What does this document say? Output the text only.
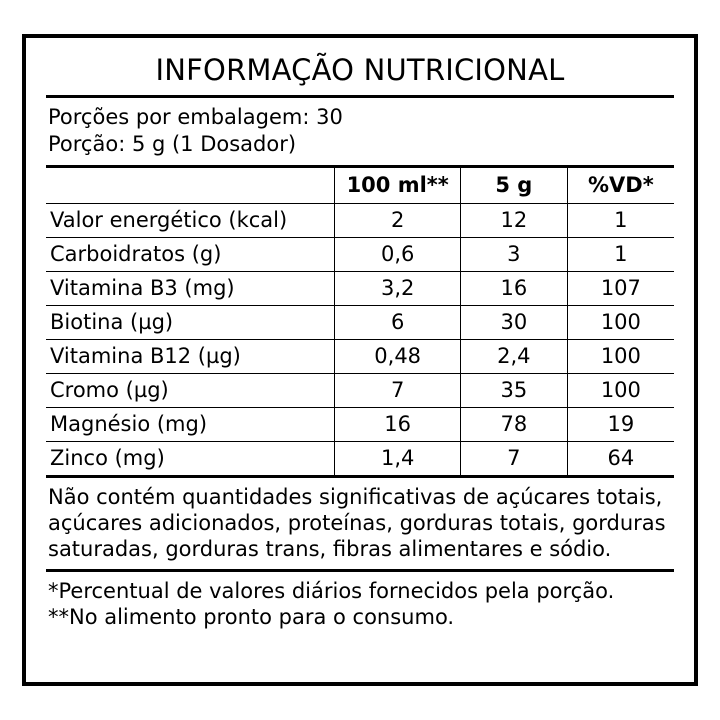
INFORMAÇÃO NUTRICIONAL
Porções por embalagem: 30
Porção: 5 g (1 Dosador)
	100 ml**	5 g	%VD*
Valor energético (kcal)	2	12	1
Carboidratos (g)	0,6	3	1
Vitamina B3 (mg)	3,2	16	107
Biotina (µg)	6	30	100
Vitamina B12 (µg)	0,48	2,4	100
Cromo (µg)	7	35	100
Magnésio (mg)	16	78	19
Zinco (mg)	1,4	7	64
Não contém quantidades significativas de açúcares totais, açúcares adicionados, proteínas, gorduras totais, gorduras saturadas, gorduras trans, fibras alimentares e sódio.
*Percentual de valores diários fornecidos pela porção.
**No alimento pronto para o consumo.
